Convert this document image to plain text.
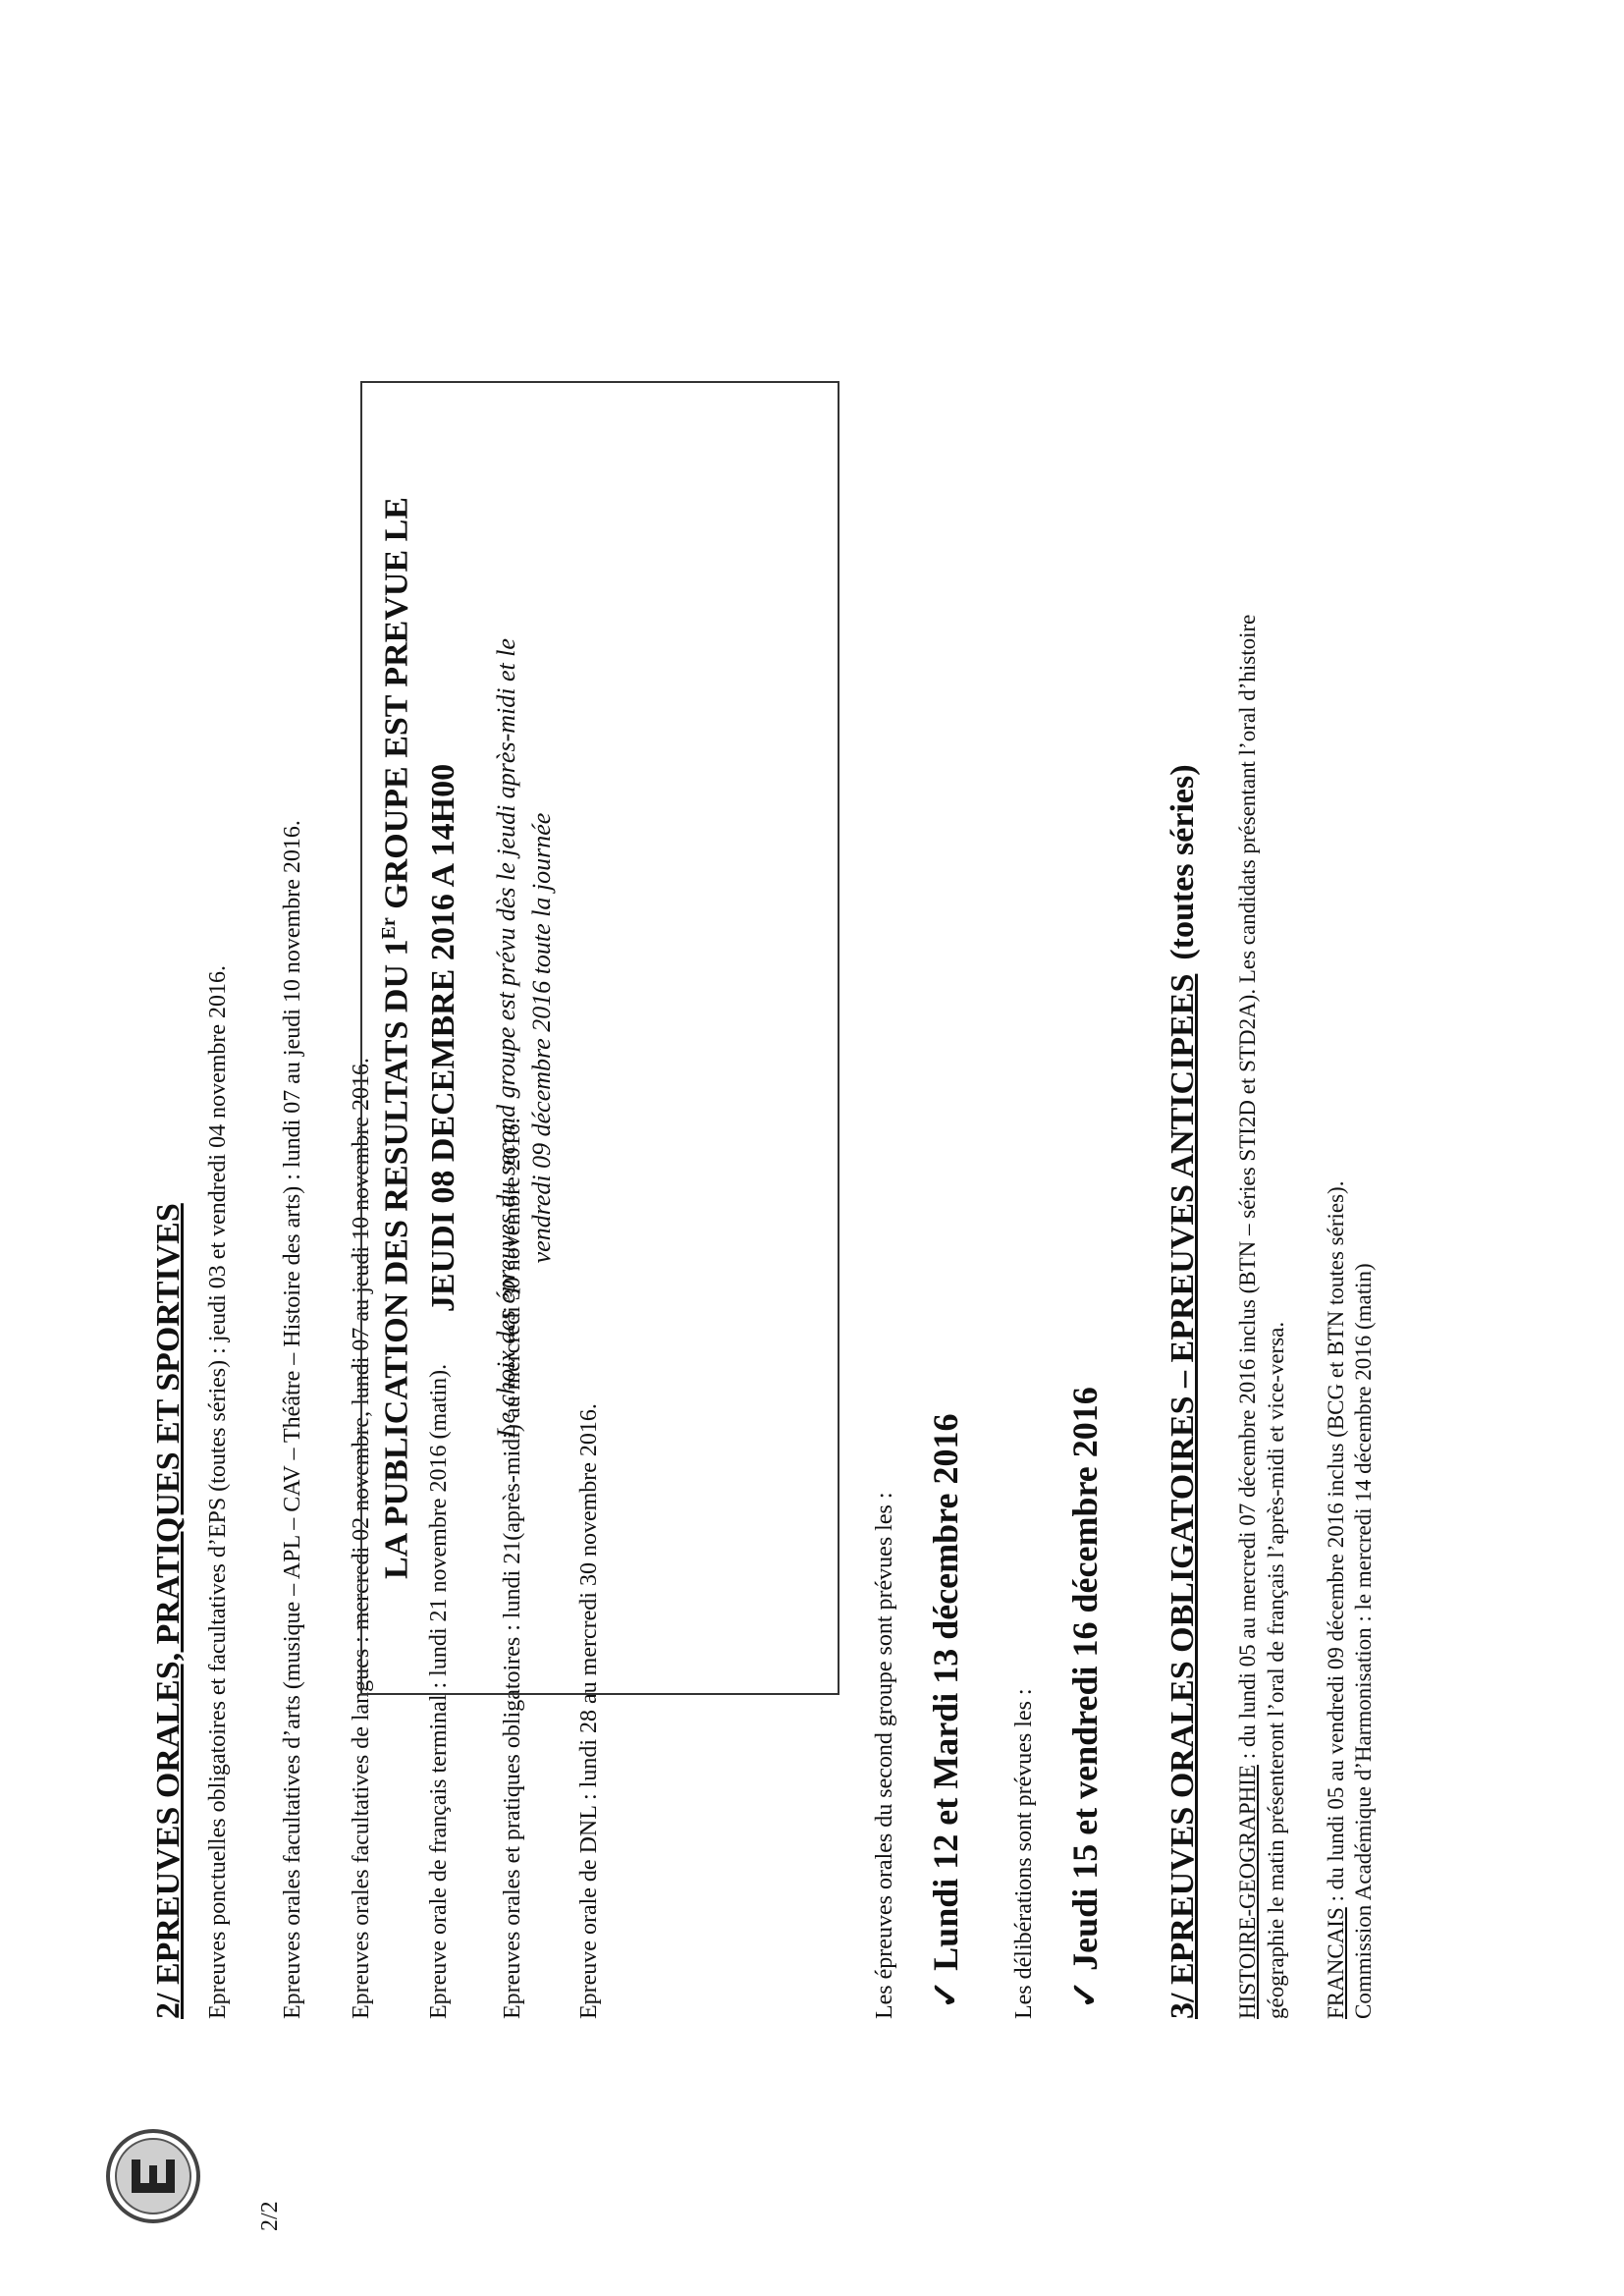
2/2
2/ EPREUVES ORALES, PRATIQUES ET SPORTIVES Epreuves ponctuelles obligatoires et facultatives d’EPS (toutes séries) : jeudi 03 et vendredi 04 novembre 2016. Epreuves orales facultatives d’arts (musique – APL – CAV – Théâtre – Histoire des arts) : lundi 07 au jeudi 10 novembre 2016. Epreuves orales facultatives de langues : mercredi 02 novembre, lundi 07 au jeudi 10 novembre 2016. Epreuve orale de français terminal : lundi 21 novembre 2016 (matin). Epreuves orales et pratiques obligatoires : lundi 21(après-midi) au mercredi 30 novembre 2016. Epreuve orale de DNL : lundi 28 au mercredi 30 novembre 2016.
LA PUBLICATION DES RESULTATS DU 1Er GROUPE EST PREVUE LE
JEUDI 08 DECEMBRE 2016 A 14H00 Le choix des épreuves du second groupe est prévu dès le jeudi après-midi et le vendredi 09 décembre 2016 toute la journée
Les épreuves orales du second groupe sont prévues les : ✓ Lundi 12 et Mardi 13 décembre 2016 Les délibérations sont prévues les : ✓ Jeudi 15 et vendredi 16 décembre 2016 3/ EPREUVES ORALES OBLIGATOIRES – EPREUVES ANTICIPEES(toutes séries)
HISTOIRE-GEOGRAPHIE : du lundi 05 au mercredi 07 décembre 2016 inclus (BTN – séries STI2D et STD2A). Les candidats présentant l’oral d’histoire géographie le matin présenteront l’oral de français l’après-midi et vice-versa. FRANCAIS : du lundi 05 au vendredi 09 décembre 2016 inclus (BCG et BTN toutes séries). Commission Académique d’Harmonisation : le mercredi 14 décembre 2016 (matin)
